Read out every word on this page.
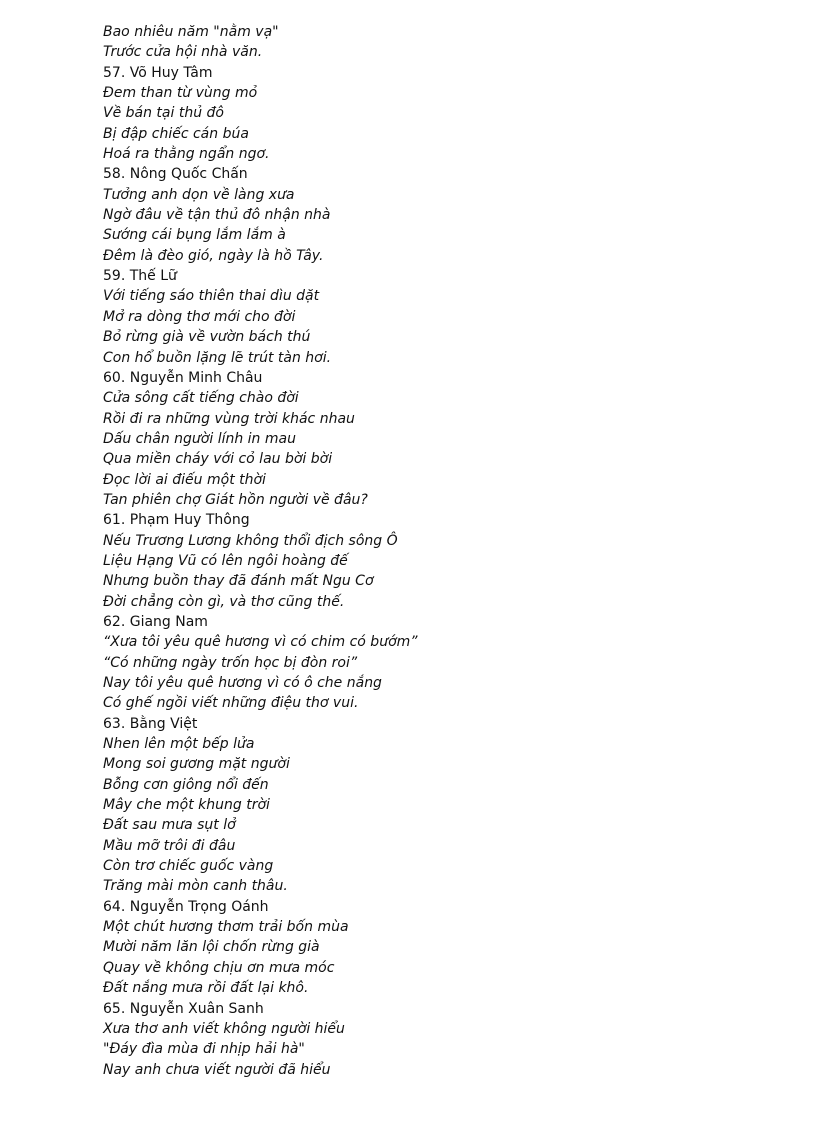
Bao nhiêu năm "nằm vạ"
Trước cửa hội nhà văn.
57. Võ Huy Tâm
Đem than từ vùng mỏ
Về bán tại thủ đô
Bị đập chiếc cán búa
Hoá ra thằng ngẩn ngơ.
58. Nông Quốc Chấn
Tưởng anh dọn về làng xưa
Ngờ đâu về tận thủ đô nhận nhà
Sướng cái bụng lắm lắm à
Đêm là đèo gió, ngày là hồ Tây.
59. Thế Lữ
Với tiếng sáo thiên thai dìu dặt
Mở ra dòng thơ mới cho đời
Bỏ rừng già về vườn bách thú
Con hổ buồn lặng lẽ trút tàn hơi.
60. Nguyễn Minh Châu
Cửa sông cất tiếng chào đời
Rồi đi ra những vùng trời khác nhau
Dấu chân người lính in mau
Qua miền cháy với cỏ lau bời bời
Đọc lời ai điếu một thời
Tan phiên chợ Giát hồn người về đâu?
61. Phạm Huy Thông
Nếu Trương Lương không thổi địch sông Ô
Liệu Hạng Vũ có lên ngôi hoàng đế
Nhưng buồn thay đã đánh mất Ngu Cơ
Đời chẳng còn gì, và thơ cũng thế.
62. Giang Nam
“Xưa tôi yêu quê hương vì có chim có bướm”
“Có những ngày trốn học bị đòn roi”
Nay tôi yêu quê hương vì có ô che nắng
Có ghế ngồi viết những điệu thơ vui.
63. Bằng Việt
Nhen lên một bếp lửa
Mong soi gương mặt người
Bỗng cơn giông nổi đến
Mây che một khung trời
Đất sau mưa sụt lở
Mầu mỡ trôi đi đâu
Còn trơ chiếc guốc vàng
Trăng mài mòn canh thâu.
64. Nguyễn Trọng Oánh
Một chút hương thơm trải bốn mùa
Mười năm lăn lội chốn rừng già
Quay về không chịu ơn mưa móc
Đất nắng mưa rồi đất lại khô.
65. Nguyễn Xuân Sanh
Xưa thơ anh viết không người hiểu
"Đáy đìa mùa đi nhịp hải hà"
Nay anh chưa viết người đã hiểu
